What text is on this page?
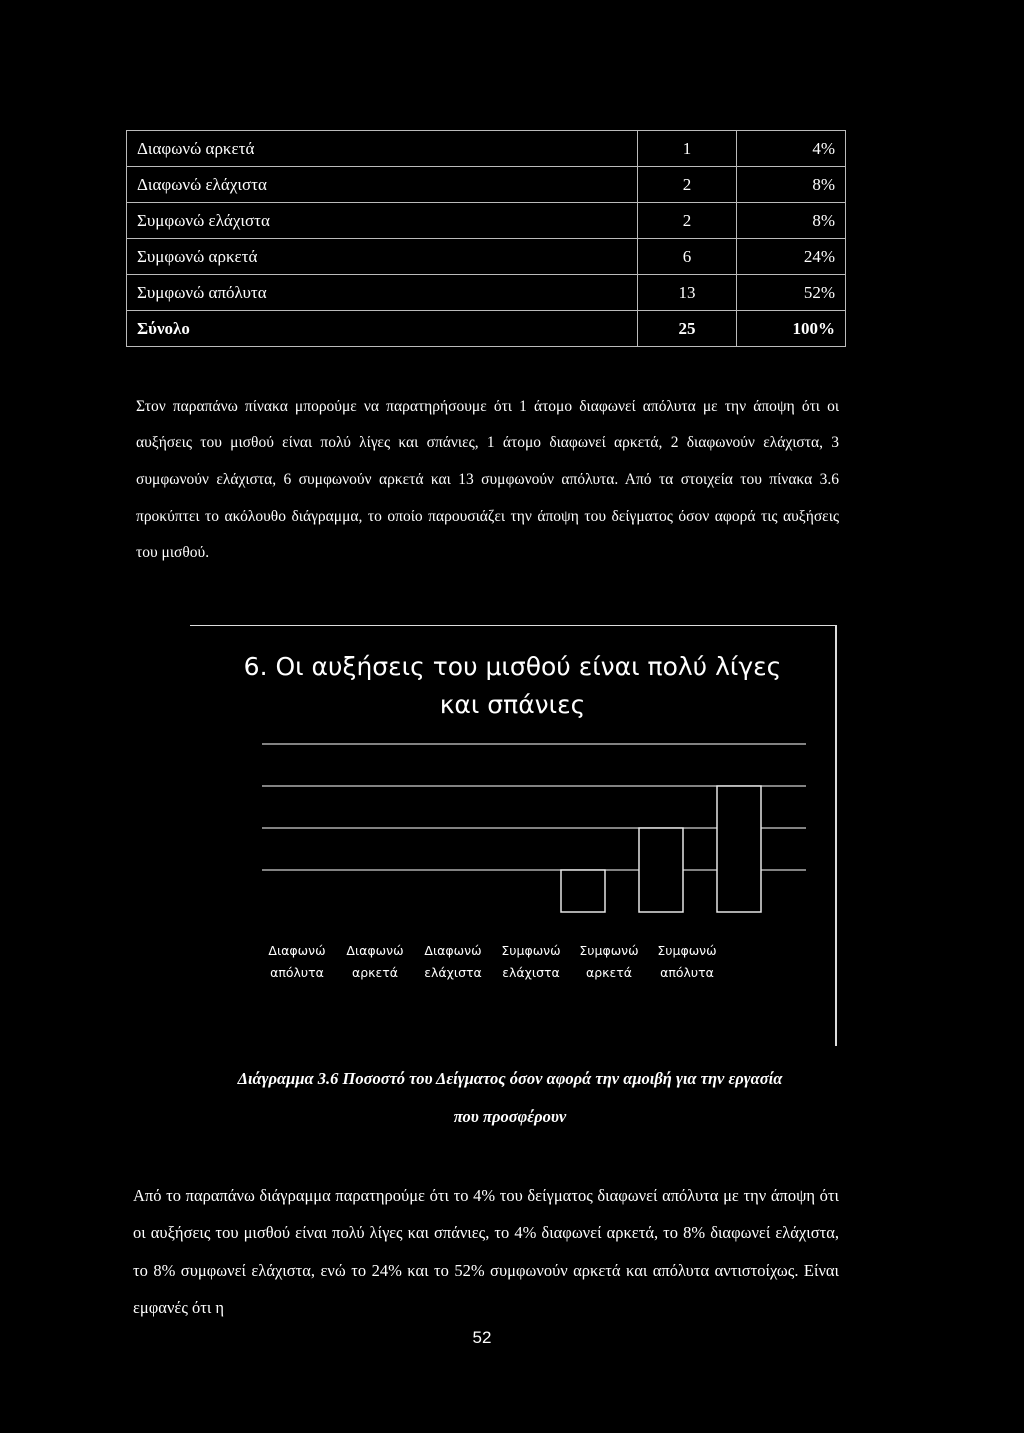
Διαφωνώ αρκετά	1	4%
Διαφωνώ ελάχιστα	2	8%
Συμφωνώ ελάχιστα	2	8%
Συμφωνώ αρκετά	6	24%
Συμφωνώ απόλυτα	13	52%
Σύνολο	25	100%

Στον παραπάνω πίνακα μπορούμε να παρατηρήσουμε ότι 1 άτομο διαφωνεί απόλυτα με την άποψη ότι οι αυξήσεις του μισθού είναι πολύ λίγες και σπάνιες, 1 άτομο διαφωνεί αρκετά, 2 διαφωνούν ελάχιστα, 3 συμφωνούν ελάχιστα, 6 συμφωνούν αρκετά και 13 συμφωνούν απόλυτα. Από τα στοιχεία του πίνακα 3.6 προκύπτει το ακόλουθο διάγραμμα, το οποίο παρουσιάζει την άποψη του δείγματος όσον αφορά τις αυξήσεις του μισθού.

6. Οι αυξήσεις του μισθού είναι πολύ λίγες
και σπάνιες
Διαφωνώ
απόλυτα
Διαφωνώ
αρκετά
Διαφωνώ
ελάχιστα
Συμφωνώ
ελάχιστα
Συμφωνώ
αρκετά
Συμφωνώ
απόλυτα
Διάγραμμα 3.6 Ποσοστό του Δείγματος όσον αφορά την αμοιβή για την εργασία
που προσφέρουν

Από το παραπάνω διάγραμμα παρατηρούμε ότι το 4% του δείγματος διαφωνεί απόλυτα με την άποψη ότι οι αυξήσεις του μισθού είναι πολύ λίγες και σπάνιες, το 4% διαφωνεί αρκετά, το 8% διαφωνεί ελάχιστα, το 8% συμφωνεί ελάχιστα, ενώ το 24% και το 52% συμφωνούν αρκετά και απόλυτα αντιστοίχως. Είναι εμφανές ότι η

52
